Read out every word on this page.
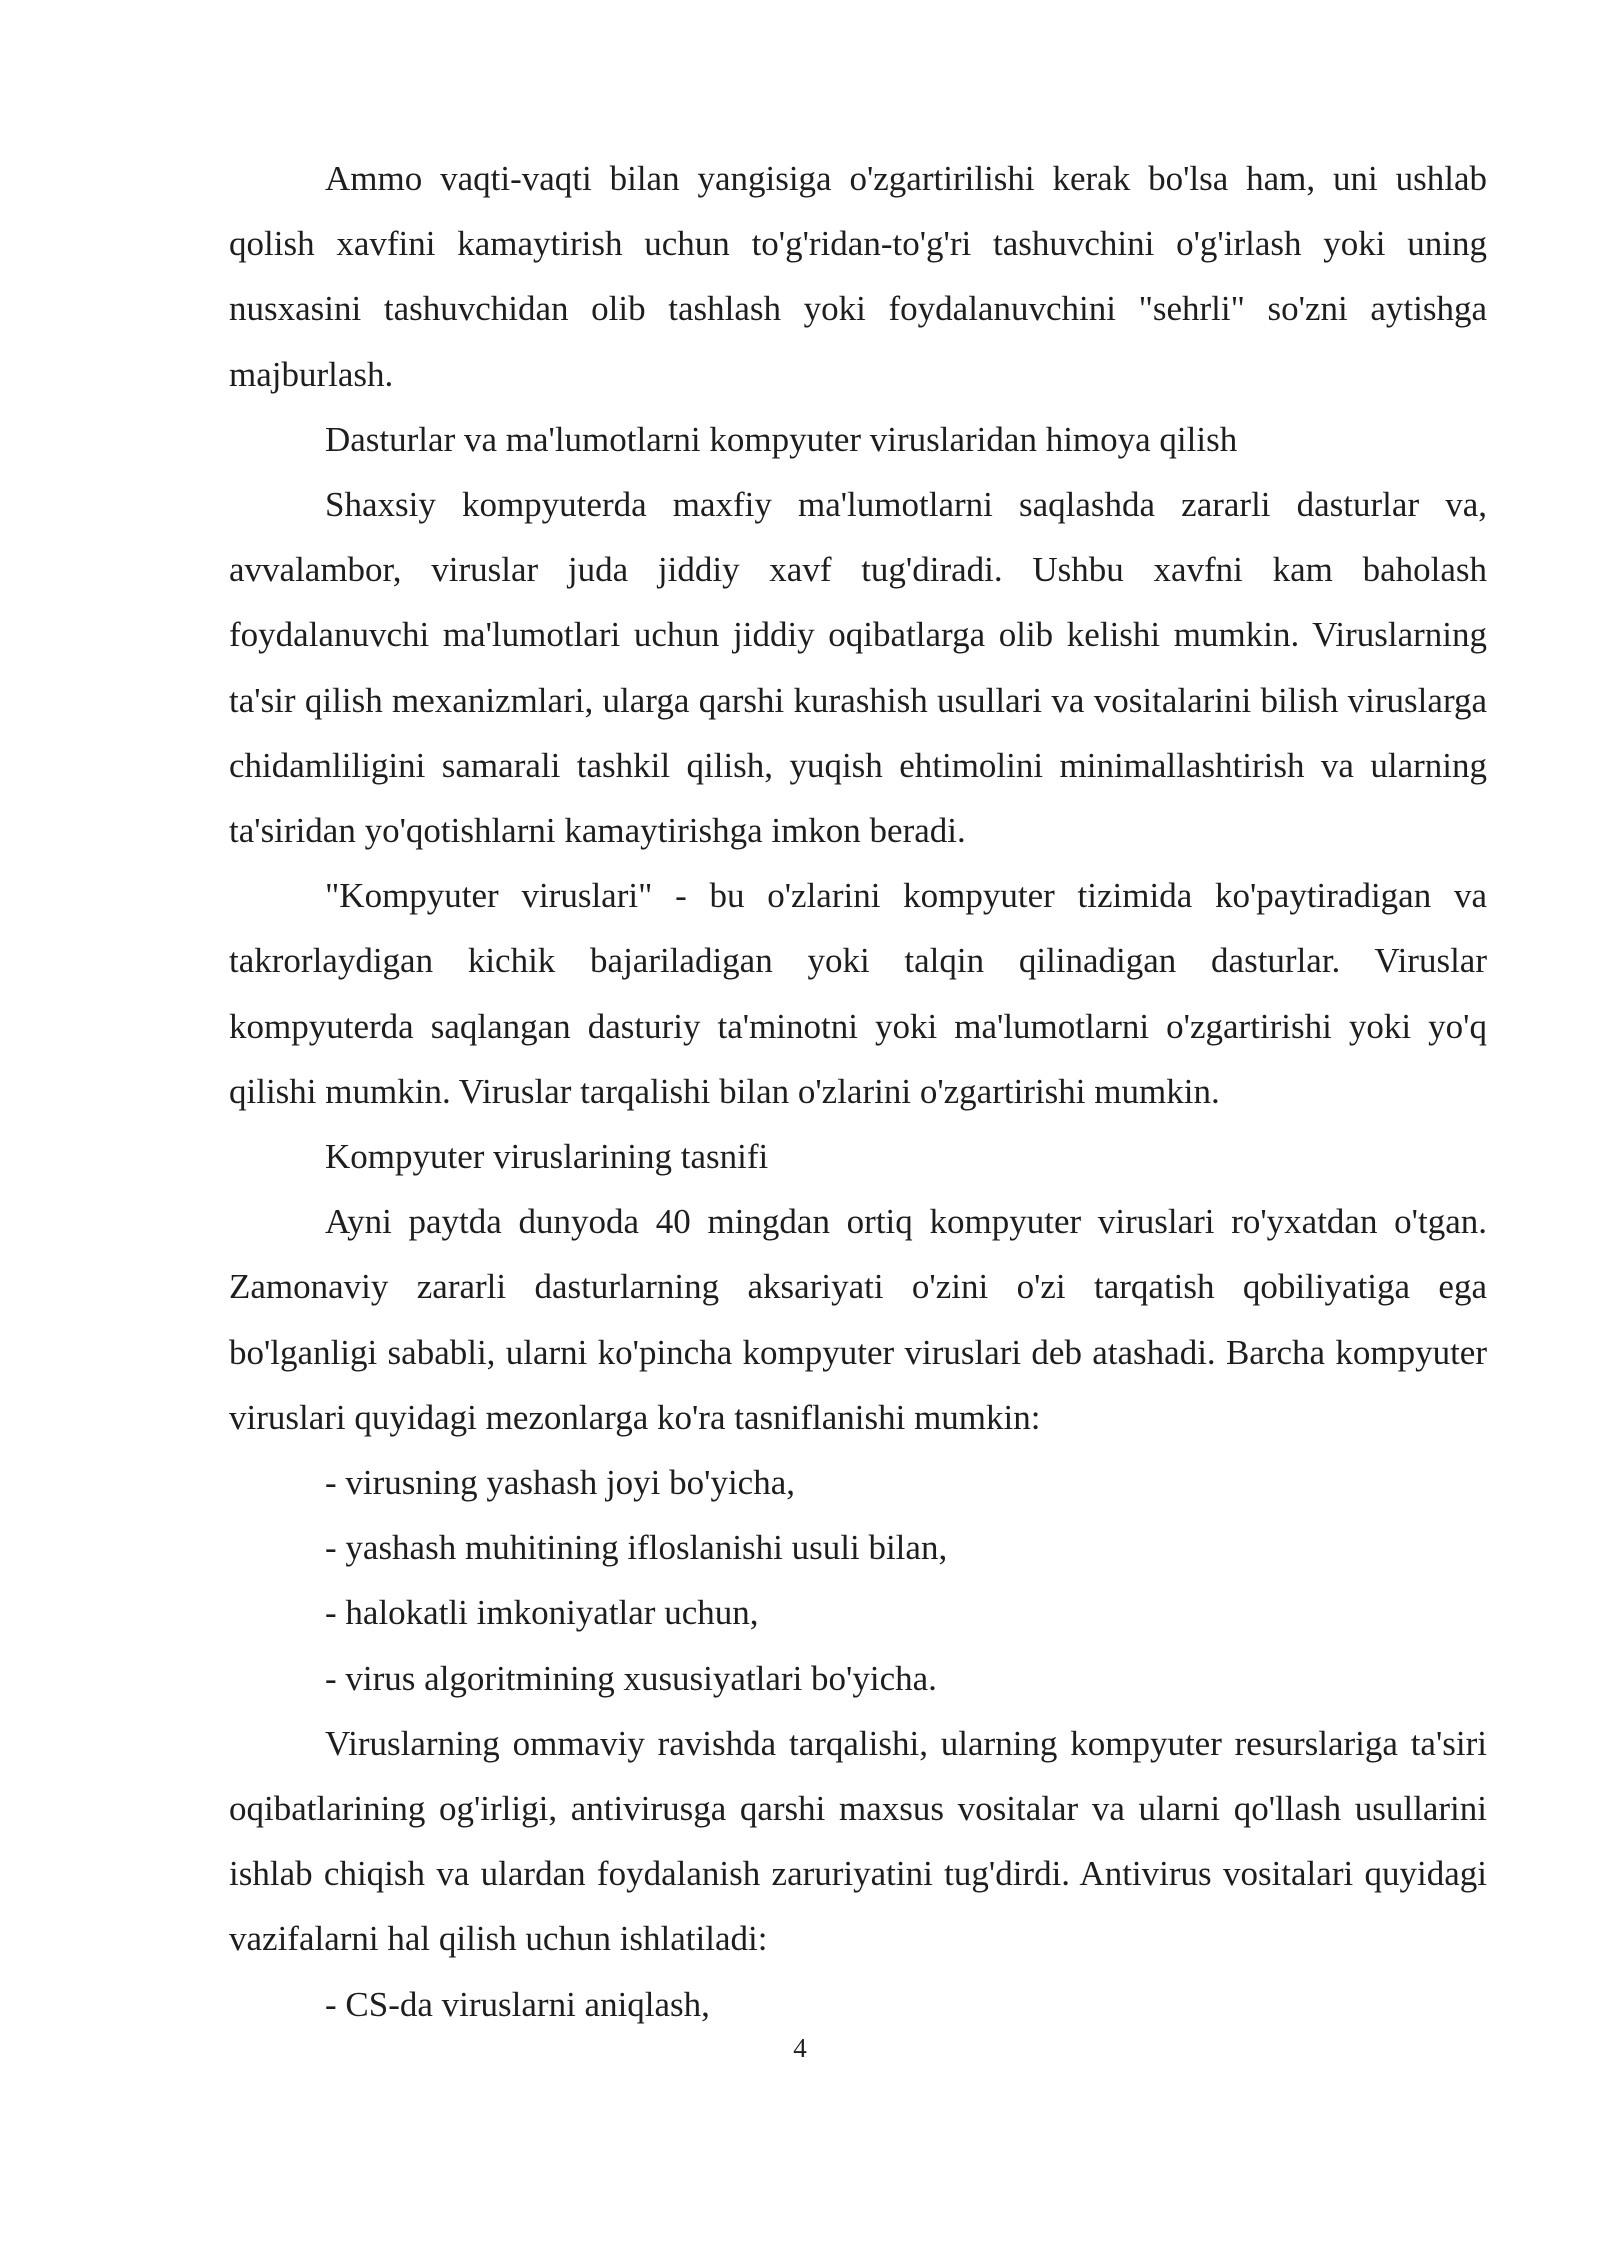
Ammo vaqti-vaqti bilan yangisiga o'zgartirilishi kerak bo'lsa ham, uni ushlab qolish xavfini kamaytirish uchun to'g'ridan-to'g'ri tashuvchini o'g'irlash yoki uning nusxasini tashuvchidan olib tashlash yoki foydalanuvchini "sehrli" so'zni aytishga majburlash.

Dasturlar va ma'lumotlarni kompyuter viruslaridan himoya qilish

Shaxsiy kompyuterda maxfiy ma'lumotlarni saqlashda zararli dasturlar va, avvalambor, viruslar juda jiddiy xavf tug'diradi. Ushbu xavfni kam baholash foydalanuvchi ma'lumotlari uchun jiddiy oqibatlarga olib kelishi mumkin. Viruslarning ta'sir qilish mexanizmlari, ularga qarshi kurashish usullari va vositalarini bilish viruslarga chidamliligini samarali tashkil qilish, yuqish ehtimolini minimallashtirish va ularning ta'siridan yo'qotishlarni kamaytirishga imkon beradi.

"Kompyuter viruslari" - bu o'zlarini kompyuter tizimida ko'paytiradigan va takrorlaydigan kichik bajariladigan yoki talqin qilinadigan dasturlar. Viruslar kompyuterda saqlangan dasturiy ta'minotni yoki ma'lumotlarni o'zgartirishi yoki yo'q qilishi mumkin. Viruslar tarqalishi bilan o'zlarini o'zgartirishi mumkin.

Kompyuter viruslarining tasnifi

Ayni paytda dunyoda 40 mingdan ortiq kompyuter viruslari ro'yxatdan o'tgan. Zamonaviy zararli dasturlarning aksariyati o'zini o'zi tarqatish qobiliyatiga ega bo'lganligi sababli, ularni ko'pincha kompyuter viruslari deb atashadi. Barcha kompyuter viruslari quyidagi mezonlarga ko'ra tasniflanishi mumkin:

- virusning yashash joyi bo'yicha,

- yashash muhitining ifloslanishi usuli bilan,

- halokatli imkoniyatlar uchun,

- virus algoritmining xususiyatlari bo'yicha.

Viruslarning ommaviy ravishda tarqalishi, ularning kompyuter resurslariga ta'siri oqibatlarining og'irligi, antivirusga qarshi maxsus vositalar va ularni qo'llash usullarini ishlab chiqish va ulardan foydalanish zaruriyatini tug'dirdi. Antivirus vositalari quyidagi vazifalarni hal qilish uchun ishlatiladi:

- CS-da viruslarni aniqlash,

4
